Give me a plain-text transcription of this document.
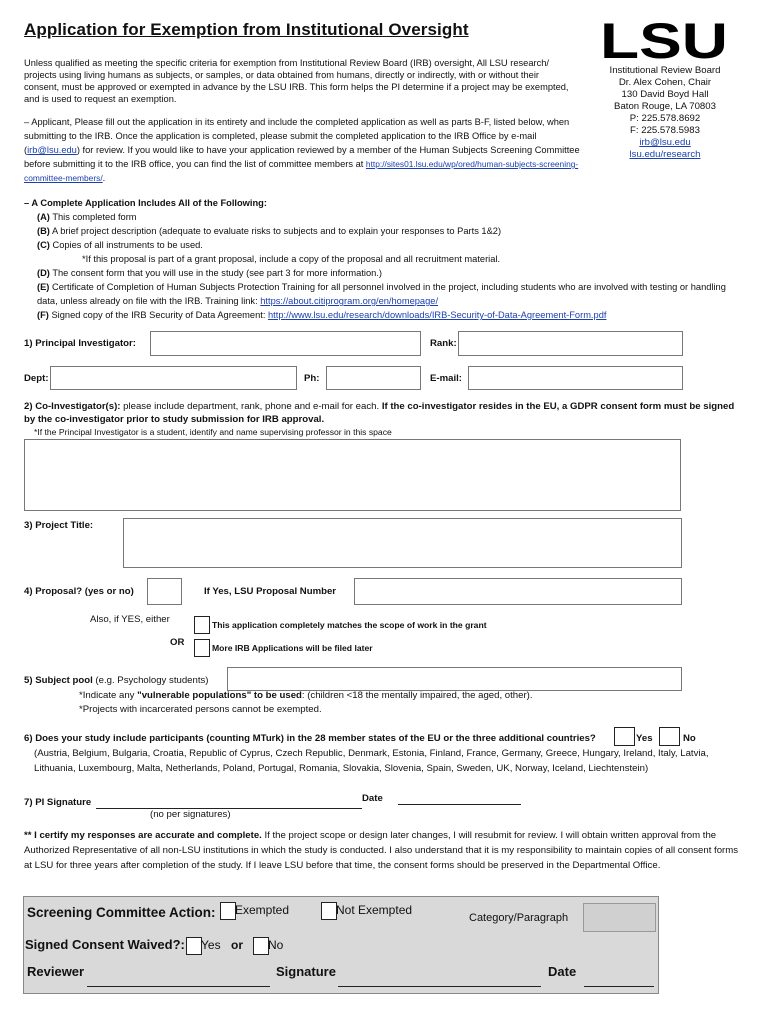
Application for Exemption from Institutional Oversight
Unless qualified as meeting the specific criteria for exemption from Institutional Review Board (IRB) oversight, All LSU research/ projects using living humans as subjects, or samples, or data obtained from humans, directly or indirectly, with or without their consent, must be approved or exempted in advance by the LSU IRB. This form helps the PI determine if a project may be exempted, and is used to request an exemption.
LSU
Institutional Review Board
Dr. Alex Cohen, Chair
130 David Boyd Hall
Baton Rouge, LA 70803
P: 225.578.8692
F: 225.578.5983
irb@lsu.edu
lsu.edu/research
– Applicant, Please fill out the application in its entirety and include the completed application as well as parts B-F, listed below, when submitting to the IRB. Once the application is completed, please submit the completed application to the IRB Office by e-mail (irb@lsu.edu) for review. If you would like to have your application reviewed by a member of the Human Subjects Screening Committee before submitting it to the IRB office, you can find the list of committee members at http://sites01.lsu.edu/wp/ored/human-subjects-screening-committee-members/.
– A Complete Application Includes All of the Following:
(A) This completed form
(B) A brief project description (adequate to evaluate risks to subjects and to explain your responses to Parts 1&2)
(C) Copies of all instruments to be used.
*If this proposal is part of a grant proposal, include a copy of the proposal and all recruitment material.
(D) The consent form that you will use in the study (see part 3 for more information.)
(E) Certificate of Completion of Human Subjects Protection Training for all personnel involved in the project, including students who are involved with testing or handling data, unless already on file with the IRB. Training link: https://about.citiprogram.org/en/homepage/
(F) Signed copy of the IRB Security of Data Agreement: http://www.lsu.edu/research/downloads/IRB-Security-of-Data-Agreement-Form.pdf
1) Principal Investigator:	Rank:
Dept:	Ph:	E-mail:
2) Co-Investigator(s): please include department, rank, phone and e-mail for each. If the co-investigator resides in the EU, a GDPR consent form must be signed by the co-investigator prior to study submission for IRB approval.
*If the Principal Investigator is a student, identify and name supervising professor in this space
3) Project Title:
4) Proposal? (yes or no)	If Yes, LSU Proposal Number
Also, if YES, either	This application completely matches the scope of work in the grant
OR	More IRB Applications will be filed later
5) Subject pool (e.g. Psychology students)
*Indicate any "vulnerable populations" to be used: (children <18 the mentally impaired, the aged, other).
*Projects with incarcerated persons cannot be exempted.
6) Does your study include participants (counting MTurk) in the 28 member states of the EU or the three additional countries?	Yes	No
(Austria, Belgium, Bulgaria, Croatia, Republic of Cyprus, Czech Republic, Denmark, Estonia, Finland, France, Germany, Greece, Hungary, Ireland, Italy, Latvia, Lithuania, Luxembourg, Malta, Netherlands, Poland, Portugal, Romania, Slovakia, Slovenia, Spain, Sweden, UK, Norway, Iceland, Liechtenstein)
7) PI Signature	Date
(no per signatures)
** I certify my responses are accurate and complete. If the project scope or design later changes, I will resubmit for review. I will obtain written approval from the Authorized Representative of all non-LSU institutions in which the study is conducted. I also understand that it is my responsibility to maintain copies of all consent forms at LSU for three years after completion of the study. If I leave LSU before that time, the consent forms should be preserved in the Departmental Office.
Screening Committee Action: Exempted	Not Exempted
Category/Paragraph
Signed Consent Waived?: Yes or No
Reviewer	Signature	Date
